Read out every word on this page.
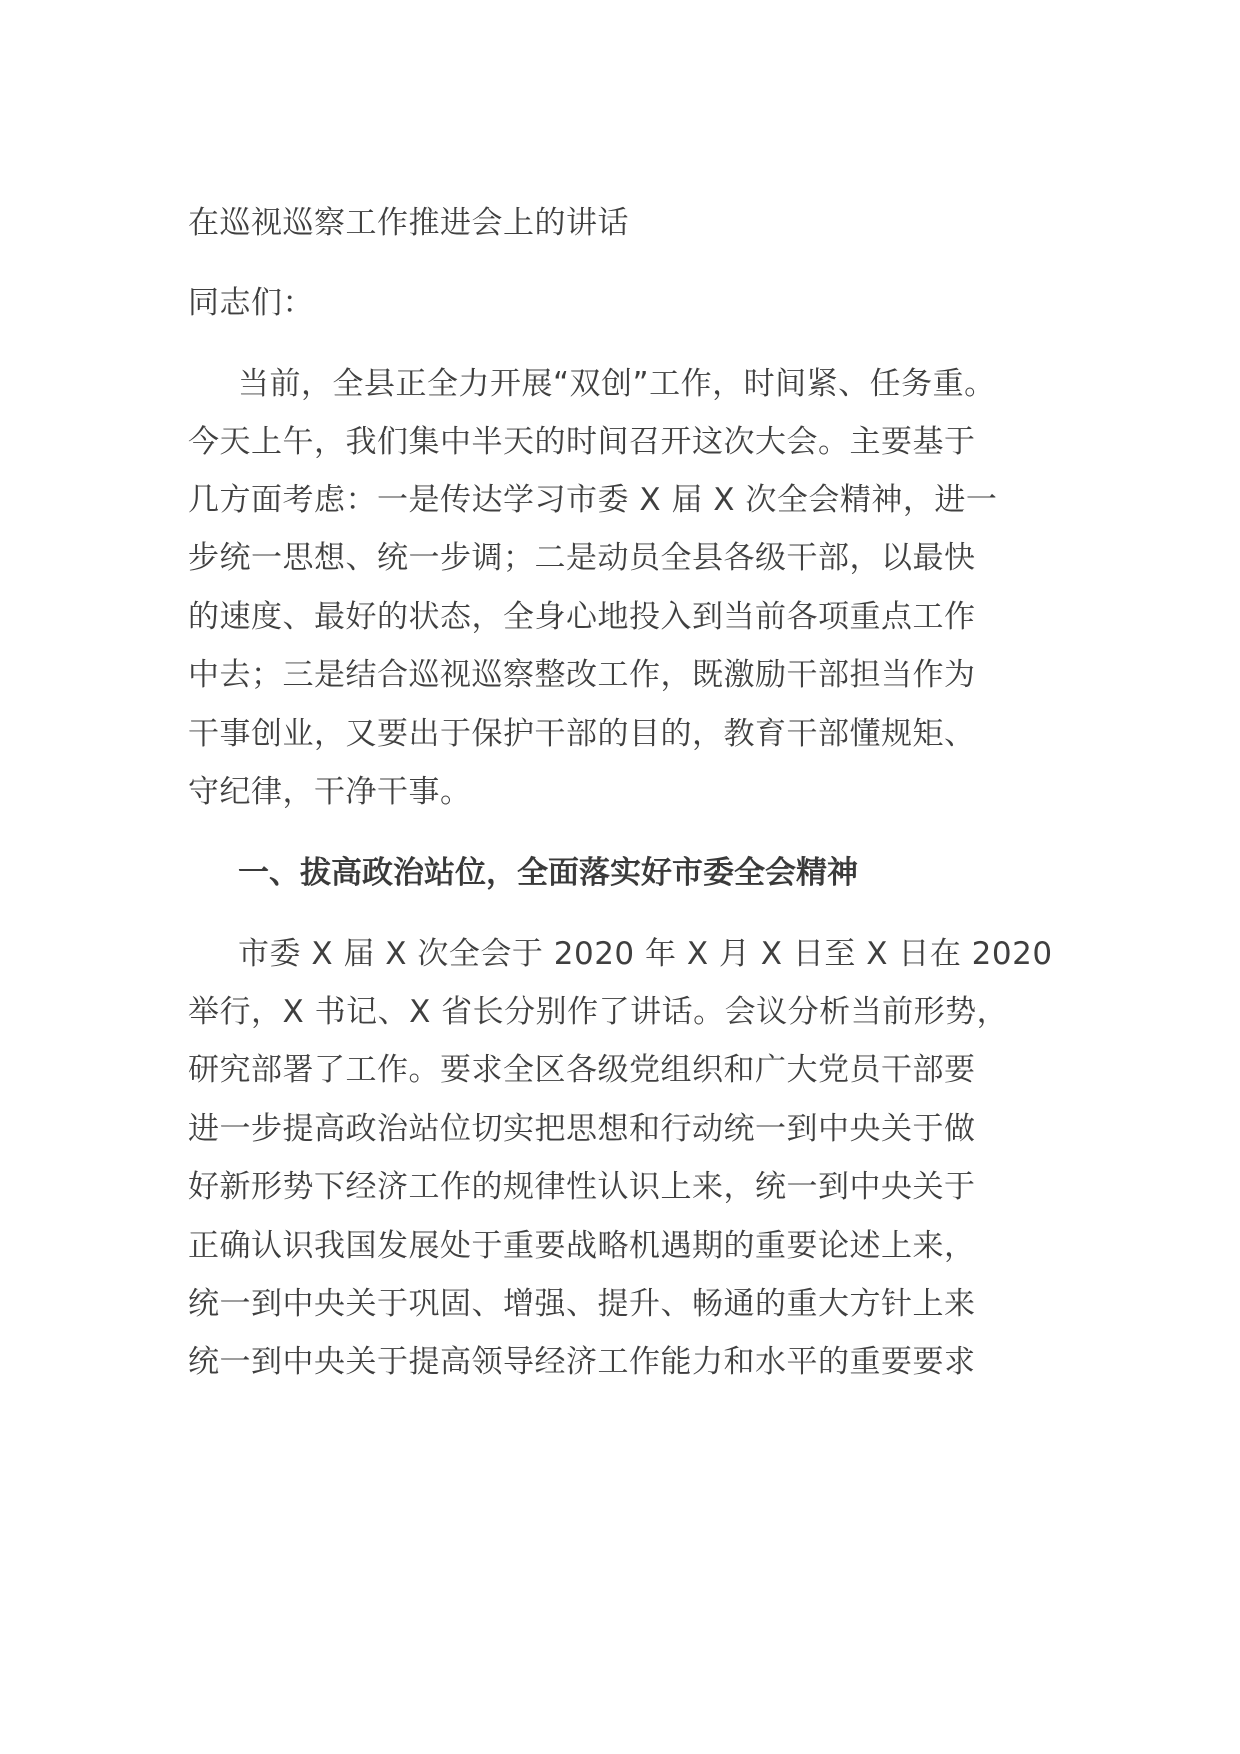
在巡视巡察工作推进会上的讲话
同志们：
当前，全县正全力开展“双创”工作，时间紧、任务重。
今天上午，我们集中半天的时间召开这次大会。主要基于
几方面考虑：一是传达学习市委 X 届 X 次全会精神，进一
步统一思想、统一步调；二是动员全县各级干部，以最快
的速度、最好的状态，全身心地投入到当前各项重点工作
中去；三是结合巡视巡察整改工作，既激励干部担当作为
干事创业，又要出于保护干部的目的，教育干部懂规矩、
守纪律，干净干事。
一、拔高政治站位，全面落实好市委全会精神
市委 X 届 X 次全会于 2020 年 X 月 X 日至 X 日在 2020
举行，X 书记、X 省长分别作了讲话。会议分析当前形势，
研究部署了工作。要求全区各级党组织和广大党员干部要
进一步提高政治站位切实把思想和行动统一到中央关于做
好新形势下经济工作的规律性认识上来，统一到中央关于
正确认识我国发展处于重要战略机遇期的重要论述上来，
统一到中央关于巩固、增强、提升、畅通的重大方针上来
统一到中央关于提高领导经济工作能力和水平的重要要求
